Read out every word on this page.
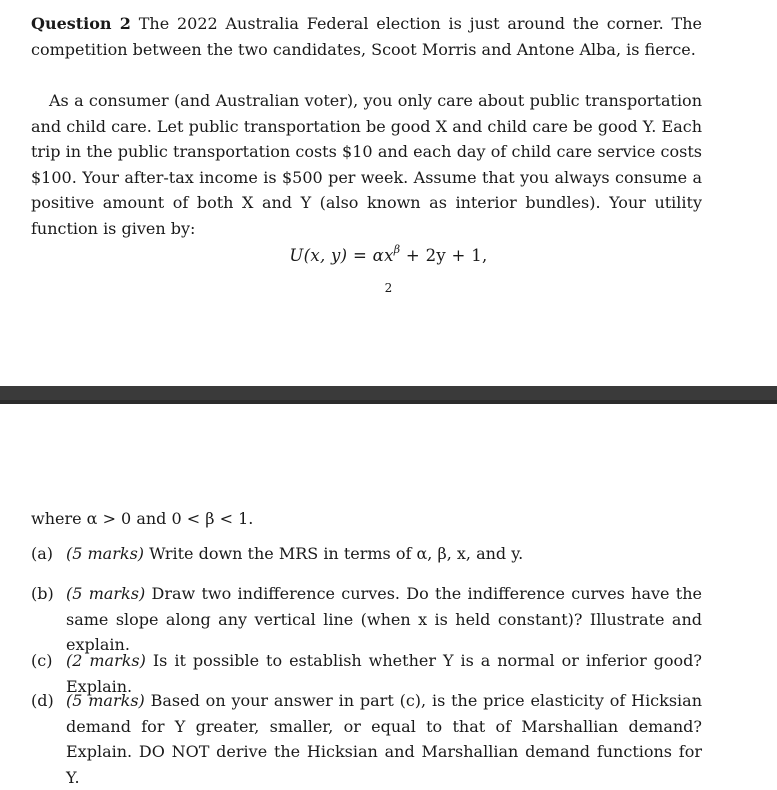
Question 2 The 2022 Australia Federal election is just around the corner. The competition between the two candidates, Scoot Morris and Antone Alba, is fierce.

As a consumer (and Australian voter), you only care about public transportation and child care. Let public transportation be good X and child care be good Y. Each trip in the public transportation costs $10 and each day of child care service costs $100. Your after-tax income is $500 per week. Assume that you always consume a positive amount of both X and Y (also known as interior bundles). Your utility function is given by:

U(x, $y) = \alpha x^\beta + 2y + 1$,
2

where α > 0 and 0 < β < 1.

(a) (5 marks) Write down the MRS in terms of α, β, x, and y.
(b) (5 marks) Draw two indifference curves. Do the indifference curves have the same slope along any vertical line (when x is held constant)? Illustrate and explain.
(c) (2 marks) Is it possible to establish whether Y is a normal or inferior good? Explain.
(d) (5 marks) Based on your answer in part (c), is the price elasticity of Hicksian demand for Y greater, smaller, or equal to that of Marshallian demand? Explain. DO NOT derive the Hicksian and Marshallian demand functions for Y.
